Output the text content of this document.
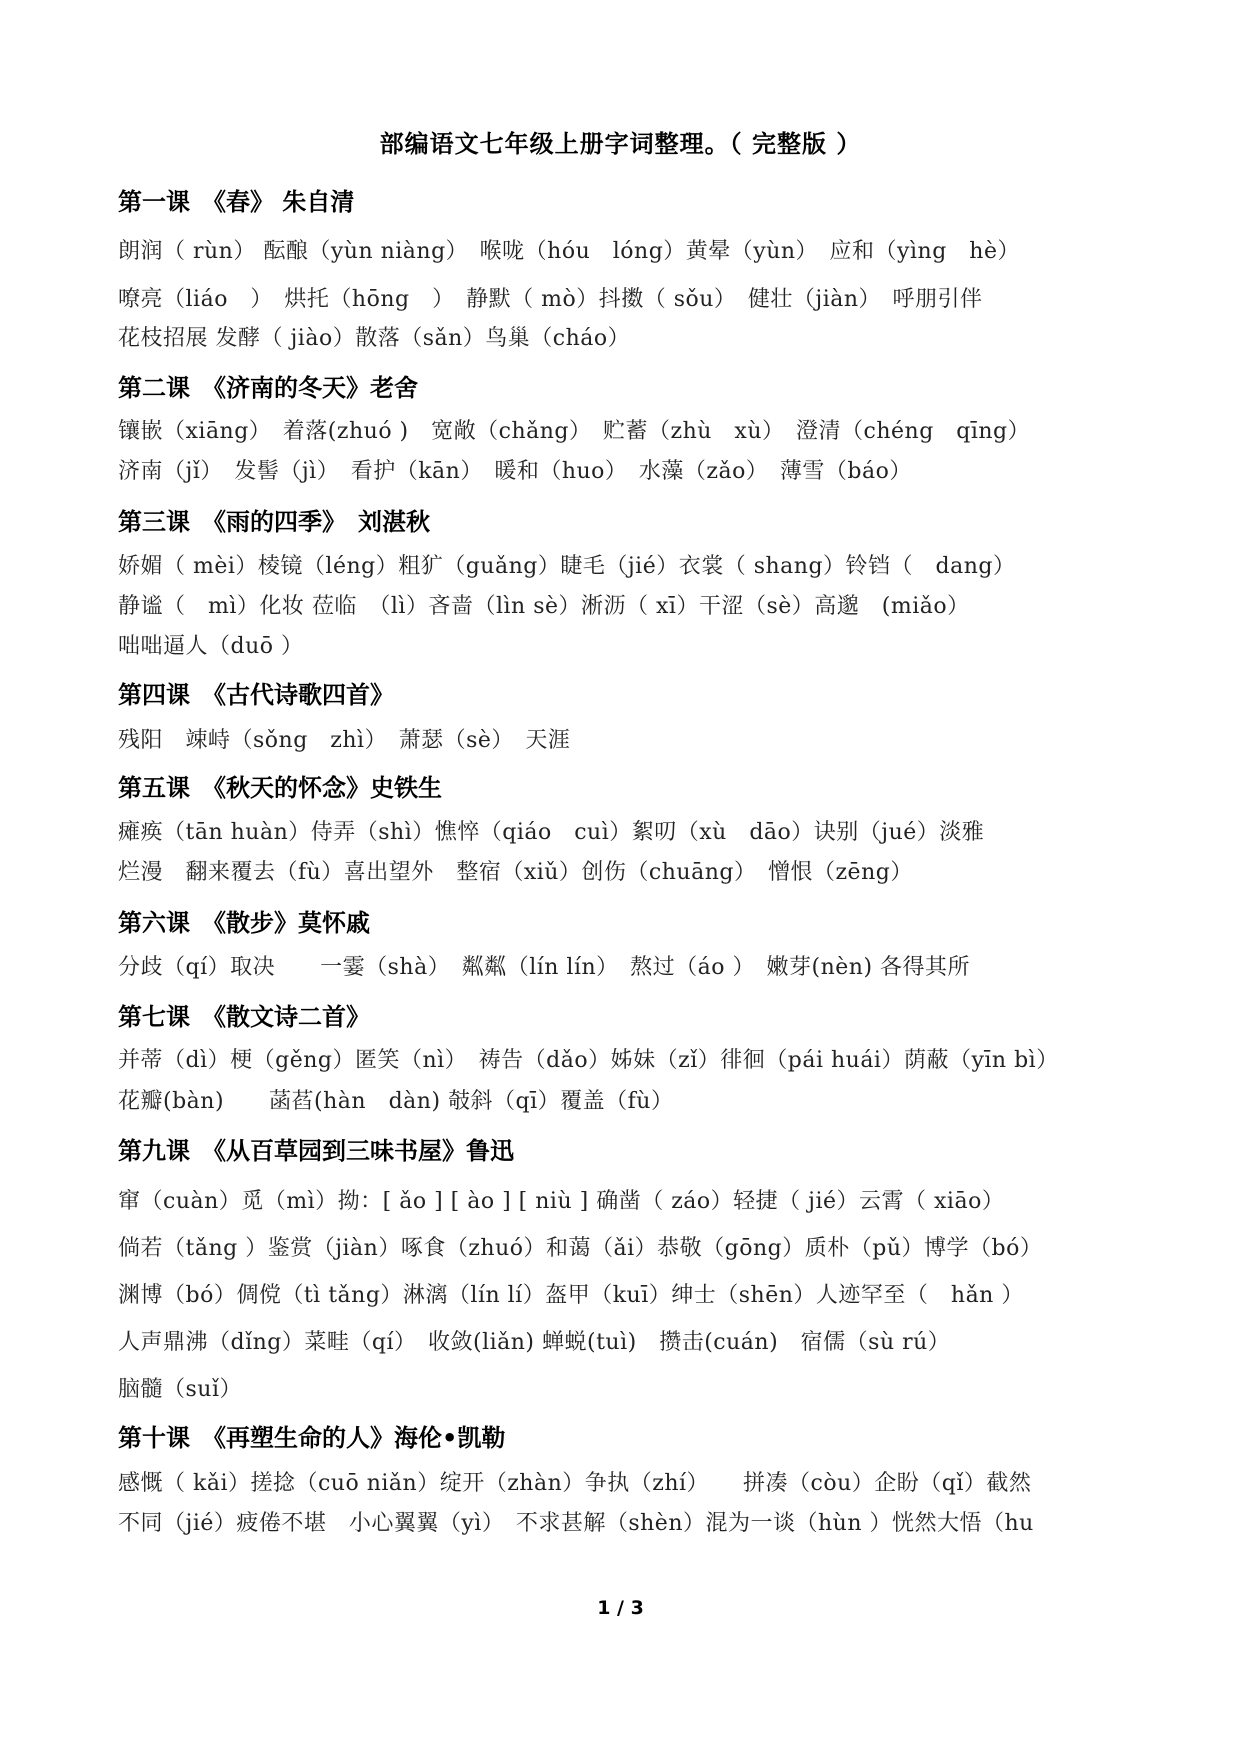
部编语文七年级上册字词整理。（ 完整版 ）
第一课　《春》 朱自清
朗润（ rùn） 酝酿（yùn niàng）　喉咙（hóu　lóng）黄晕（yùn）　应和（yìng　hè）
嘹亮（liáo　）　烘托（hōng　）　静默（ mò）抖擞（ sǒu）　健壮（jiàn）　呼朋引伴
花枝招展 发酵（ jiào）散落（sǎn）鸟巢（cháo）
第二课　《济南的冬天》老舍
镶嵌（xiāng）　着落(zhuó )　宽敞（chǎng）　贮蓄（zhù　xù）　澄清（chéng　qīng）
济南（jǐ）　发髻（jì）　看护（kān）　暖和（huo）　水藻（zǎo）　薄雪（báo）
第三课　《雨的四季》　刘湛秋
娇媚（ mèi）棱镜（léng）粗犷（guǎng）睫毛（jié）衣裳（ shang）铃铛（　dang）
静谧（　mì）化妆 莅临　（lì）吝啬（lìn sè）淅沥（ xī）干涩（sè）高邈　(miǎo）
咄咄逼人（duō ）
第四课　《古代诗歌四首》
残阳　竦峙（sǒng　zhì）　萧瑟（sè）　天涯
第五课　《秋天的怀念》史铁生
瘫痪（tān huàn）侍弄（shì）憔悴（qiáo　cuì）絮叨（xù　dāo）诀别（jué）淡雅
烂漫　翻来覆去（fù）喜出望外　整宿（xiǔ）创伤（chuāng）　憎恨（zēng）
第六课　《散步》莫怀戚
分歧（qí）取决　　一霎（shà）　粼粼（lín lín）　熬过（áo ）　嫩芽(nèn) 各得其所
第七课　《散文诗二首》
并蒂（dì）梗（gěng）匿笑（nì）　祷告（dǎo）姊妹（zǐ）徘徊（pái huái）荫蔽（yīn bì）
花瓣(bàn)　　菡萏(hàn　dàn) 攲斜（qī）覆盖（fù）
第九课　《从百草园到三味书屋》鲁迅
窜（cuàn）觅（mì）拗：[ ǎo ] [ ào ] [ niù ] 确凿（ záo）轻捷（ jié）云霄（ xiāo）
倘若（tǎng ）鉴赏（jiàn）啄食（zhuó）和蔼（ǎi）恭敬（gōng）质朴（pǔ）博学（bó）
渊博（bó）倜傥（tì tǎng）淋漓（lín lí）盔甲（kuī）绅士（shēn）人迹罕至（　hǎn ）
人声鼎沸（dǐng）菜畦（qí）　收敛(liǎn) 蝉蜕(tuì)　攒击(cuán)　宿儒（sù rú）
脑髓（suǐ）
第十课　《再塑生命的人》海伦•凯勒
感慨（ kǎi）搓捻（cuō niǎn）绽开（zhàn）争执（zhí）　　拼凑（còu）企盼（qǐ）截然
不同（jié）疲倦不堪　小心翼翼（yì）　不求甚解（shèn）混为一谈（hùn ）恍然大悟（hu
1 / 3
